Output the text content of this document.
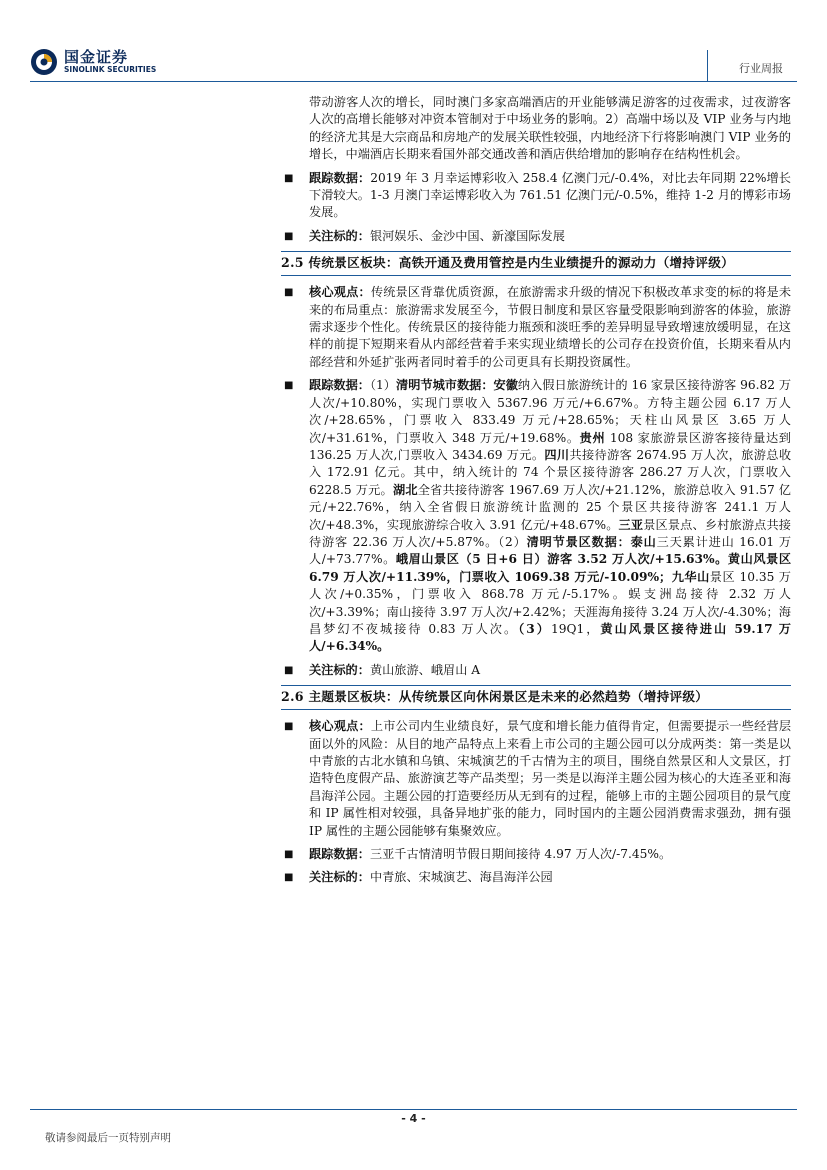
国金证券
SINOLINK SECURITIES	行业周报

带动游客人次的增长，同时澳门多家高端酒店的开业能够满足游客的过夜需求，过夜游客人次的高增长能够对冲资本管制对于中场业务的影响。2）高端中场以及 VIP 业务与内地的经济尤其是大宗商品和房地产的发展关联性较强，内地经济下行将影响澳门 VIP 业务的增长，中端酒店长期来看国外部交通改善和酒店供给增加的影响存在结构性机会。

■
跟踪数据：2019 年 3 月幸运博彩收入 258.4 亿澳门元/-0.4%，对比去年同期 22%增长下滑较大。1-3 月澳门幸运博彩收入为 761.51 亿澳门元/-0.5%，维持 1-2 月的博彩市场发展。
■
关注标的：银河娱乐、金沙中国、新濠国际发展
2.5 传统景区板块：高铁开通及费用管控是内生业绩提升的源动力（增持评级）
■
核心观点：传统景区背靠优质资源，在旅游需求升级的情况下积极改革求变的标的将是未来的布局重点：旅游需求发展至今，节假日制度和景区容量受限影响到游客的体验，旅游需求逐步个性化。传统景区的接待能力瓶颈和淡旺季的差异明显导致增速放缓明显，在这样的前提下短期来看从内部经营着手来实现业绩增长的公司存在投资价值，长期来看从内部经营和外延扩张两者同时着手的公司更具有长期投资属性。
■
跟踪数据：（1）清明节城市数据：安徽纳入假日旅游统计的 16 家景区接待游客 96.82 万人次/+10.80%，实现门票收入 5367.96 万元/+6.67%。方特主题公园 6.17 万人次/+28.65%，门票收入 833.49 万元/+28.65%；天柱山风景区 3.65 万人次/+31.61%，门票收入 348 万元/+19.68%。贵州 108 家旅游景区游客接待量达到 136.25 万人次,门票收入 3434.69 万元。四川共接待游客 2674.95 万人次，旅游总收入 172.91 亿元。其中，纳入统计的 74 个景区接待游客 286.27 万人次，门票收入 6228.5 万元。湖北全省共接待游客 1967.69 万人次/+21.12%，旅游总收入 91.57 亿元/+22.76%，纳入全省假日旅游统计监测的 25 个景区共接待游客 241.1 万人次/+48.3%，实现旅游综合收入 3.91 亿元/+48.67%。三亚景区景点、乡村旅游点共接待游客 22.36 万人次/+5.87%。（2）清明节景区数据：泰山三天累计进山 16.01 万人/+73.77%。峨眉山景区（5 日+6 日）游客 3.52 万人次/+15.63%。黄山风景区 6.79 万人次/+11.39%，门票收入 1069.38 万元/-10.09%；九华山景区 10.35 万人次/+0.35%，门票收入 868.78 万元/-5.17%。蜈支洲岛接待 2.32 万人次/+3.39%；南山接待 3.97 万人次/+2.42%；天涯海角接待 3.24 万人次/-4.30%；海昌梦幻不夜城接待 0.83 万人次。（3）19Q1，黄山风景区接待进山 59.17 万人/+6.34%。
■
关注标的：黄山旅游、峨眉山 A
2.6 主题景区板块：从传统景区向休闲景区是未来的必然趋势（增持评级）
■
核心观点：上市公司内生业绩良好，景气度和增长能力值得肯定，但需要提示一些经营层面以外的风险：从目的地产品特点上来看上市公司的主题公园可以分成两类：第一类是以中青旅的古北水镇和乌镇、宋城演艺的千古情为主的项目，围绕自然景区和人文景区，打造特色度假产品、旅游演艺等产品类型；另一类是以海洋主题公园为核心的大连圣亚和海昌海洋公园。主题公园的打造要经历从无到有的过程，能够上市的主题公园项目的景气度和 IP 属性相对较强，具备异地扩张的能力，同时国内的主题公园消费需求强劲，拥有强 IP 属性的主题公园能够有集聚效应。
■
跟踪数据：三亚千古情清明节假日期间接待 4.97 万人次/-7.45%。
■
关注标的：中青旅、宋城演艺、海昌海洋公园
- 4 -
敬请参阅最后一页特别声明
